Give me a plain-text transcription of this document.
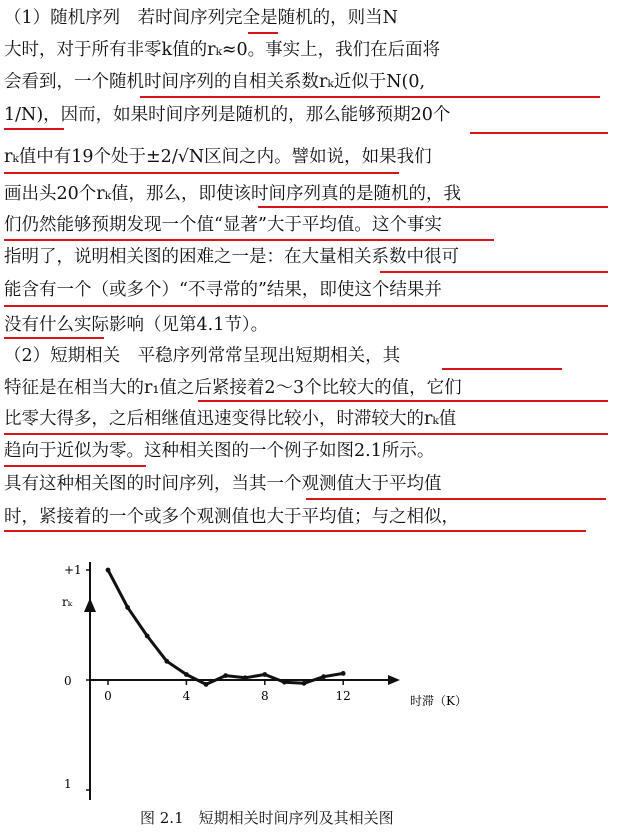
（1）随机序列　若时间序列完全是随机的，则当N
大时，对于所有非零k值的rₖ≈0。事实上，我们在后面将
会看到，一个随机时间序列的自相关系数rₖ近似于N(0,
1/N)，因而，如果时间序列是随机的，那么能够预期20个
rₖ值中有19个处于±2/√N区间之内。譬如说，如果我们
画出头20个rₖ值，那么，即使该时间序列真的是随机的，我
们仍然能够预期发现一个值“显著”大于平均值。这个事实
指明了，说明相关图的困难之一是：在大量相关系数中很可
能含有一个（或多个）“不寻常的”结果，即使这个结果并
没有什么实际影响（见第4.1节）。
（2）短期相关　平稳序列常常呈现出短期相关，其
特征是在相当大的r₁值之后紧接着2～3个比较大的值，它们
比零大得多，之后相继值迅速变得比较小，时滞较大的rₖ值
趋向于近似为零。这种相关图的一个例子如图2.1所示。
具有这种相关图的时间序列，当其一个观测值大于平均值
时，紧接着的一个或多个观测值也大于平均值；与之相似，
rₖ
时滞（K）
+1
0
1
0	4	8	12
图 2.1　短期相关时间序列及其相关图
